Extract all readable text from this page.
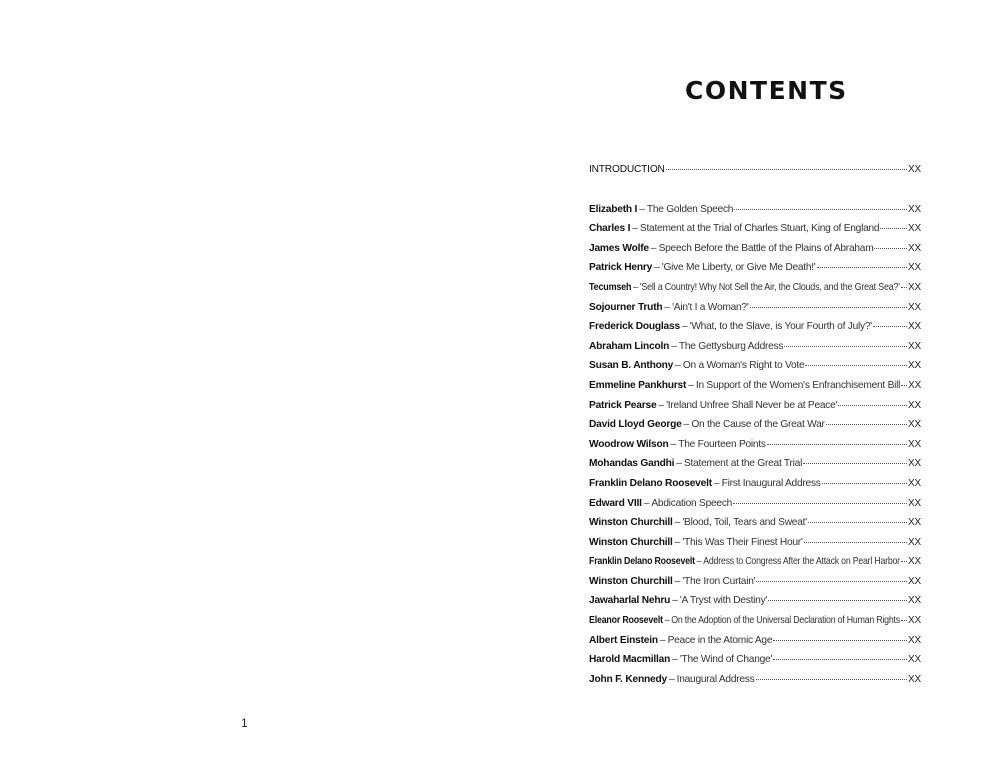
1
CONTENTS
INTRODUCTION	XX
Elizabeth I – The Golden Speech	XX
Charles I – Statement at the Trial of Charles Stuart, King of England	XX
James Wolfe – Speech Before the Battle of the Plains of Abraham	XX
Patrick Henry – 'Give Me Liberty, or Give Me Death!'	XX
Tecumseh – 'Sell a Country! Why Not Sell the Air, the Clouds, and the Great Sea?' XX
Sojourner Truth – 'Ain't I a Woman?'	XX
Frederick Douglass – 'What, to the Slave, is Your Fourth of July?'	XX
Abraham Lincoln – The Gettysburg Address	XX
Susan B. Anthony – On a Woman's Right to Vote	XX
Emmeline Pankhurst – In Support of the Women's Enfranchisement Bill XX
Patrick Pearse – 'Ireland Unfree Shall Never be at Peace'	XX
David Lloyd George – On the Cause of the Great War	XX
Woodrow Wilson – The Fourteen Points	XX
Mohandas Gandhi – Statement at the Great Trial	XX
Franklin Delano Roosevelt – First Inaugural Address	XX
Edward VIII – Abdication Speech	XX
Winston Churchill – 'Blood, Toil, Tears and Sweat'	XX
Winston Churchill – 'This Was Their Finest Hour'	XX
Franklin Delano Roosevelt – Address to Congress After the Attack on Pearl Harbor XX
Winston Churchill – 'The Iron Curtain'	XX
Jawaharlal Nehru – 'A Tryst with Destiny'	XX
Eleanor Roosevelt – On the Adoption of the Universal Declaration of Human Rights XX
Albert Einstein – Peace in the Atomic Age	XX
Harold Macmillan – 'The Wind of Change'	XX
John F. Kennedy – Inaugural Address	XX
